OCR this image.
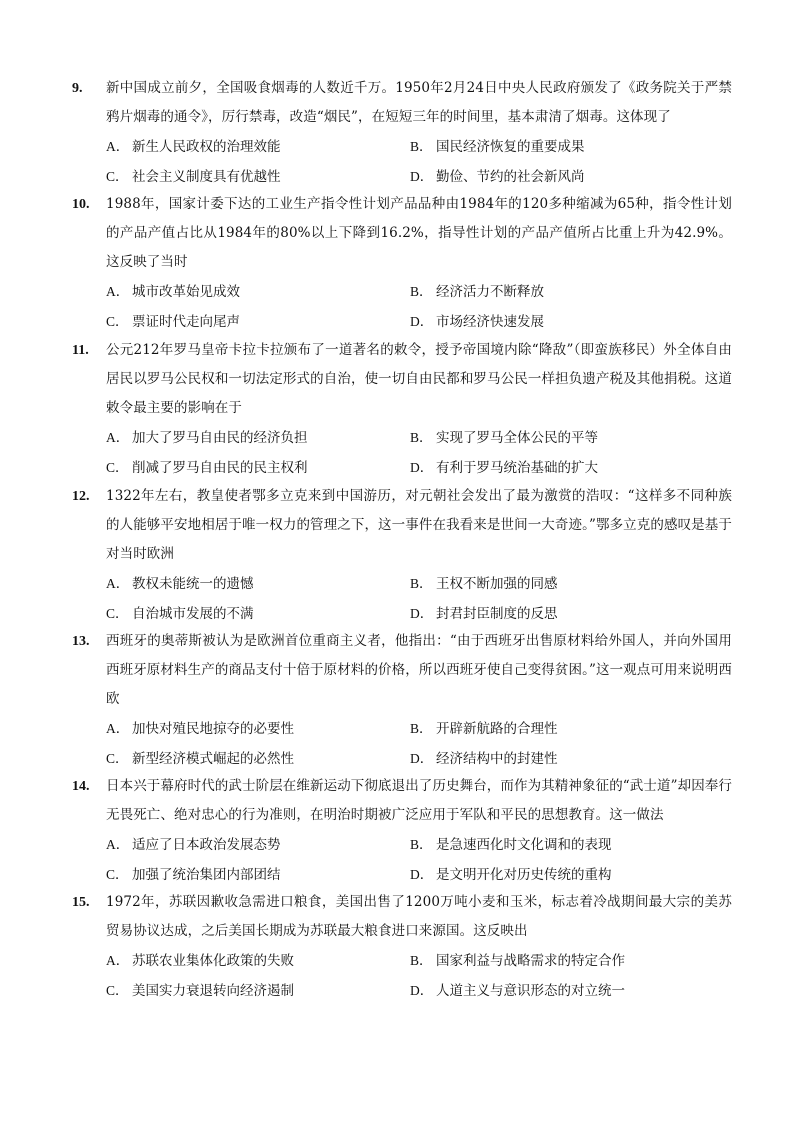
9.	新中国成立前夕，全国吸食烟毒的人数近千万。1950年2月24日中央人民政府颁发了《政务院关于严禁鸦片烟毒的通令》，厉行禁毒，改造“烟民”，在短短三年的时间里，基本肃清了烟毒。这体现了
A． 新生人民政权的治理效能	B． 国民经济恢复的重要成果
C． 社会主义制度具有优越性	D． 勤俭、节约的社会新风尚
10.	1988年，国家计委下达的工业生产指令性计划产品品种由1984年的120多种缩减为65种，指令性计划的产品产值占比从1984年的80%以上下降到16.2%，指导性计划的产品产值所占比重上升为42.9%。这反映了当时
A． 城市改革始见成效	B． 经济活力不断释放
C． 票证时代走向尾声	D． 市场经济快速发展
11.	公元212年罗马皇帝卡拉卡拉颁布了一道著名的敕令，授予帝国境内除“降敌”（即蛮族移民）外全体自由居民以罗马公民权和一切法定形式的自治，使一切自由民都和罗马公民一样担负遗产税及其他捐税。这道敕令最主要的影响在于
A． 加大了罗马自由民的经济负担	B． 实现了罗马全体公民的平等
C． 削减了罗马自由民的民主权利	D． 有利于罗马统治基础的扩大
12.	1322年左右，教皇使者鄂多立克来到中国游历，对元朝社会发出了最为激赏的浩叹：“这样多不同种族的人能够平安地相居于唯一权力的管理之下，这一事件在我看来是世间一大奇迹。”鄂多立克的感叹是基于对当时欧洲
A． 教权未能统一的遗憾	B． 王权不断加强的同感
C． 自治城市发展的不满	D． 封君封臣制度的反思
13.	西班牙的奥蒂斯被认为是欧洲首位重商主义者，他指出：“由于西班牙出售原材料给外国人，并向外国用西班牙原材料生产的商品支付十倍于原材料的价格，所以西班牙使自己变得贫困。”这一观点可用来说明西欧
A． 加快对殖民地掠夺的必要性	B． 开辟新航路的合理性
C． 新型经济模式崛起的必然性	D． 经济结构中的封建性
14.	日本兴于幕府时代的武士阶层在维新运动下彻底退出了历史舞台，而作为其精神象征的“武士道”却因奉行无畏死亡、绝对忠心的行为准则，在明治时期被广泛应用于军队和平民的思想教育。这一做法
A． 适应了日本政治发展态势	B． 是急速西化时文化调和的表现
C． 加强了统治集团内部团结	D． 是文明开化对历史传统的重构
15.	1972年，苏联因歉收急需进口粮食，美国出售了1200万吨小麦和玉米，标志着冷战期间最大宗的美苏贸易协议达成，之后美国长期成为苏联最大粮食进口来源国。这反映出
A． 苏联农业集体化政策的失败	B． 国家利益与战略需求的特定合作
C． 美国实力衰退转向经济遏制	D． 人道主义与意识形态的对立统一
